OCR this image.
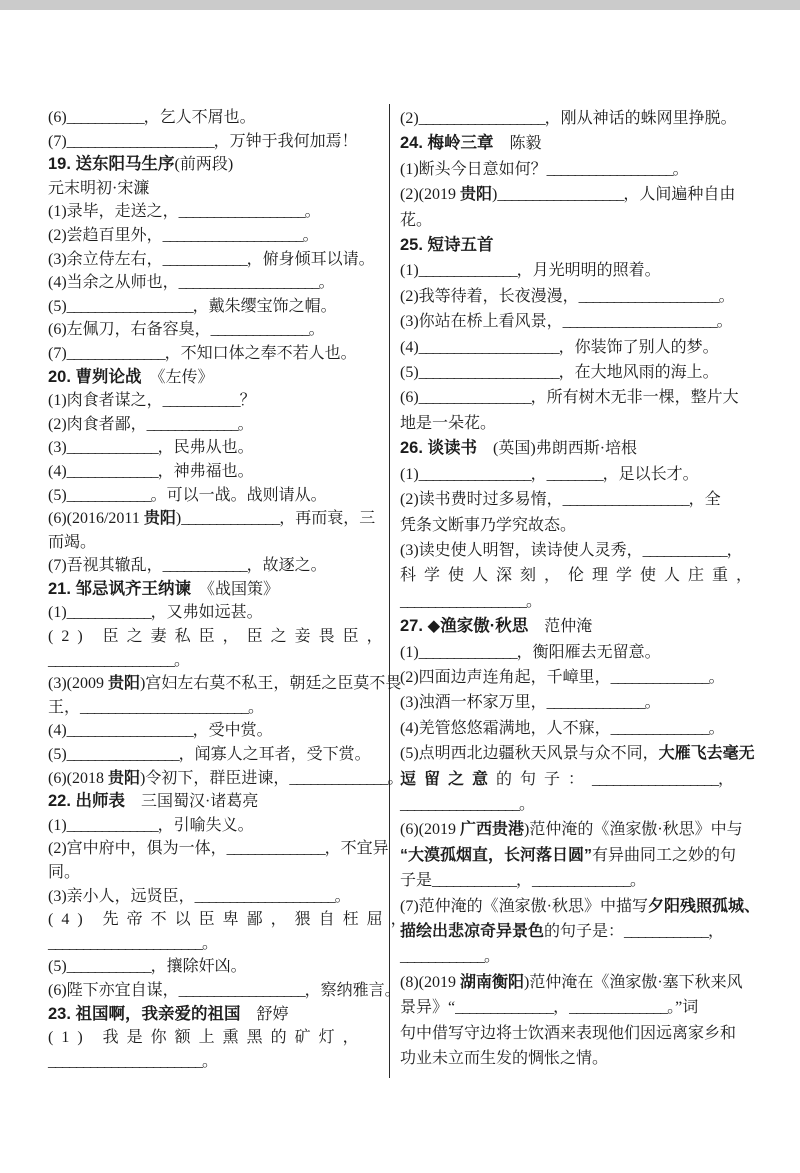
(6)___________，乞人不屑也。
(7)_____________________，万钟于我何加焉！
19. 送东阳马生序(前两段)
元末明初·宋濂
(1)录毕，走送之，__________________。
(2)尝趋百里外，____________________。
(3)余立侍左右，____________，俯身倾耳以请。
(4)当余之从师也，____________________。
(5)__________________，戴朱缨宝饰之帽。
(6)左佩刀，右备容臭，______________。
(7)______________，不知口体之奉不若人也。
20. 曹刿论战　《左传》
(1)肉食者谋之，___________？
(2)肉食者鄙，_____________。
(3)_____________，民弗从也。
(4)_____________，神弗福也。
(5)____________。可以一战。战则请从。
(6)(2016/2011 贵阳)______________，再而衰，三
而竭。
(7)吾视其辙乱，____________，故逐之。
21. 邹忌讽齐王纳谏　《战国策》
(1)____________，又弗如远甚。
(2) 臣之妻私臣，臣之妾畏臣，
__________________。
(3)(2009 贵阳)宫妇左右莫不私王，朝廷之臣莫不畏
王，________________________。
(4)__________________，受中赏。
(5)________________，闻寡人之耳者，受下赏。
(6)(2018 贵阳)令初下，群臣进谏，______________。
22. 出师表　三国蜀汉·诸葛亮
(1)_____________，引喻失义。
(2)宫中府中，俱为一体，______________，不宜异
同。
(3)亲小人，远贤臣，____________________。
(4) 先帝不以臣卑鄙，猥自枉屈，
______________________。
(5)____________，攘除奸凶。
(6)陛下亦宜自谋，__________________，察纳雅言。
23. 祖国啊，我亲爱的祖国　舒婷
(1) 我是你额上熏黑的矿灯，
______________________。
(2)__________________，刚从神话的蛛网里挣脱。
24. 梅岭三章　陈毅
(1)断头今日意如何？__________________。
(2)(2019 贵阳)__________________，人间遍种自由
花。
25. 短诗五首
(1)______________，月光明明的照着。
(2)我等待着，长夜漫漫，____________________。
(3)你站在桥上看风景，______________________。
(4)____________________，你装饰了别人的梦。
(5)____________________，在大地风雨的海上。
(6)________________，所有树木无非一棵，整片大
地是一朵花。
26. 谈读书　(英国)弗朗西斯·培根
(1)________________，________，足以长才。
(2)读书费时过多易惰，__________________，全
凭条文断事乃学究故态。
(3)读史使人明智，读诗使人灵秀，____________，
科学使人深刻，伦理学使人庄重，
__________________。
27. ◆渔家傲·秋思　范仲淹
(1)______________，衡阳雁去无留意。
(2)四面边声连角起，千嶂里，______________。
(3)浊酒一杯家万里，______________。
(4)羌管悠悠霜满地，人不寐，______________。
(5)点明西北边疆秋天风景与众不同，大雁飞去毫无
逗留之意的句子：__________________，
_________________。
(6)(2019 广西贵港)范仲淹的《渔家傲·秋思》中与
“大漠孤烟直，长河落日圆”有异曲同工之妙的句
子是____________，______________。
(7)范仲淹的《渔家傲·秋思》中描写夕阳残照孤城、
描绘出悲凉奇异景色的句子是：____________，
____________。
(8)(2019 湖南衡阳)范仲淹在《渔家傲·塞下秋来风
景异》“______________，______________。”词
句中借写守边将士饮酒来表现他们因远离家乡和
功业未立而生发的惆怅之情。
